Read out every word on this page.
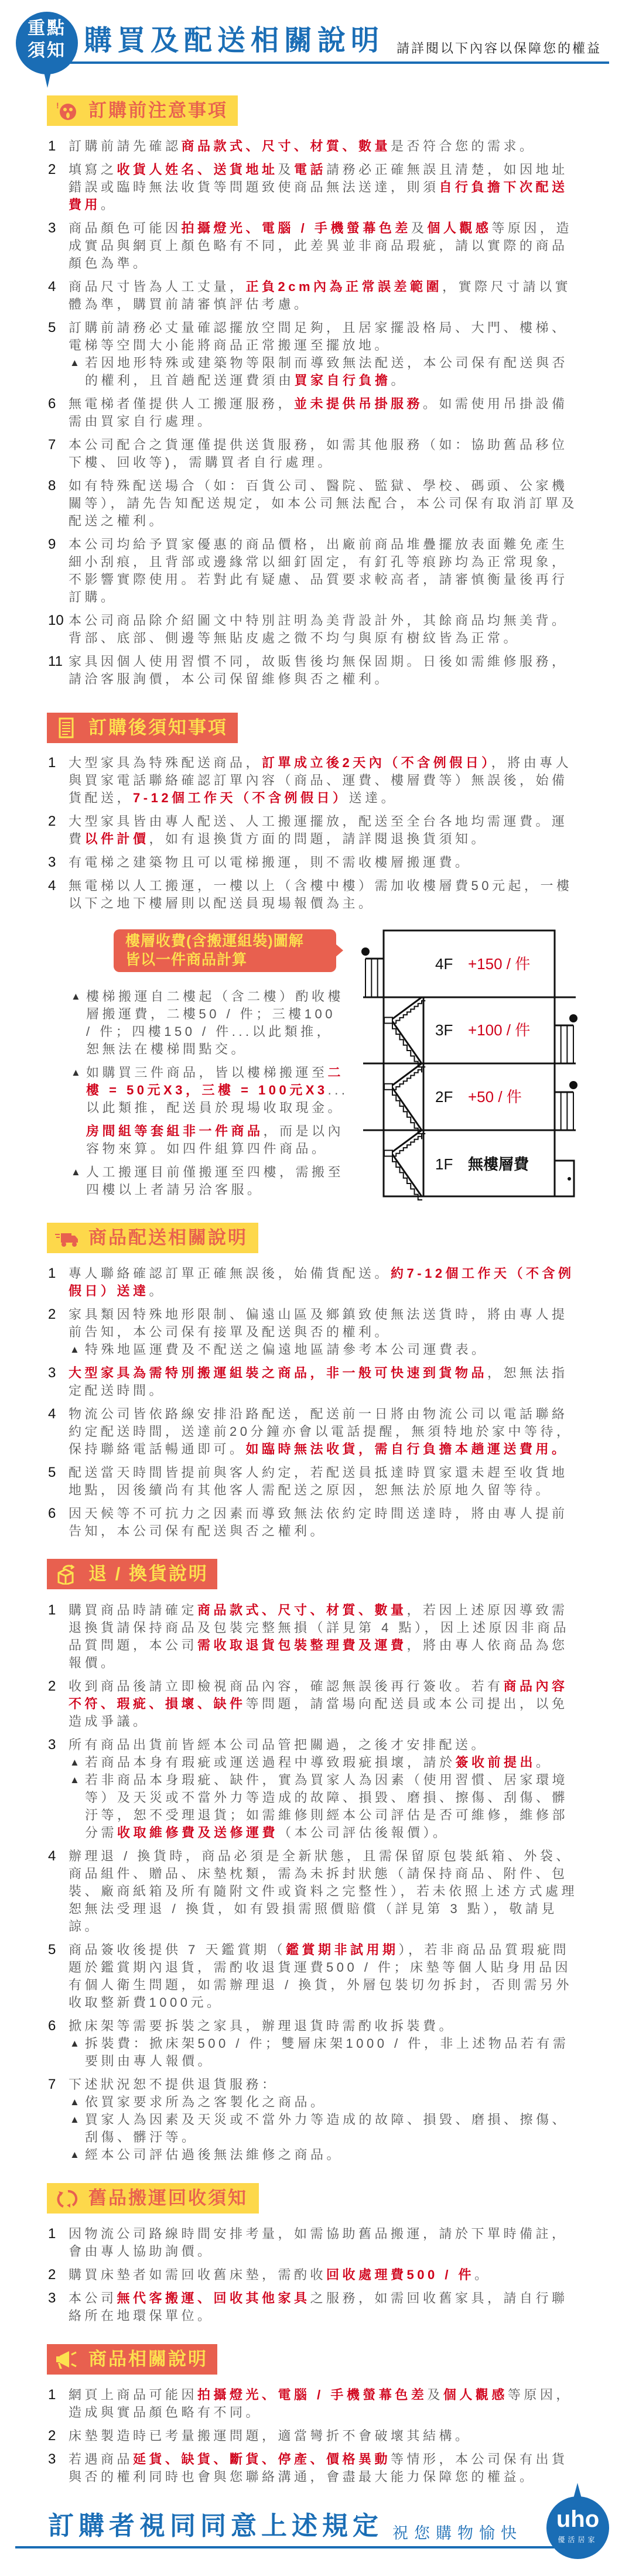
重點
須知 購買及配送相關說明 請詳閱以下內容以保障您的權益
樓層收費(含搬運組裝)圖解
皆以一件商品計算
▲ 樓梯搬運自二樓起（含二樓）酌收樓層搬運費，二樓50 / 件；三樓100 / 件；四樓150 / 件...以此類推，恕無法在樓梯間點交。
▲ 如購買三件商品，皆以樓梯搬運至二樓 = 50元X3，三樓 = 100元X3...以此類推，配送員於現場收取現金。
房間組等套組非一件商品，而是以內容物來算。如四件組算四件商品。
▲ 人工搬運目前僅搬運至四樓，需搬至四樓以上者請另洽客服。
4F +150 / 件
3F +100 / 件
2F +50 / 件
1F 無樓層費
訂購者視同同意上述規定 祝您購物愉快
uho
優活居家
! 訂購前注意事項
1 訂購前請先確認商品款式、尺寸、材質、數量是否符合您的需求。
2 填寫之收貨人姓名、送貨地址及電話請務必正確無誤且清楚，如因地址錯誤或臨時無法收貨等問題致使商品無法送達，則須自行負擔下次配送費用。
3 商品顏色可能因拍攝燈光、電腦 / 手機螢幕色差及個人觀感等原因，造成實品與網頁上顏色略有不同，此差異並非商品瑕疵，請以實際的商品顏色為準。
4 商品尺寸皆為人工丈量，正負2cm內為正常誤差範圍，實際尺寸請以實體為準，購買前請審慎評估考慮。
5 訂購前請務必丈量確認擺放空間足夠，且居家擺設格局、大門、樓梯、電梯等空間大小能將商品正常搬運至擺放地。
▲ 若因地形特殊或建築物等限制而導致無法配送，本公司保有配送與否的權利，且首趟配送運費須由買家自行負擔。
6 無電梯者僅提供人工搬運服務，並未提供吊掛服務。如需使用吊掛設備需由買家自行處理。
7 本公司配合之貨運僅提供送貨服務，如需其他服務（如：協助舊品移位下樓、回收等)，需購買者自行處理。
8 如有特殊配送場合（如：百貨公司、醫院、監獄、學校、碼頭、公家機關等），請先告知配送規定，如本公司無法配合，本公司保有取消訂單及配送之權利。
9 本公司均給予買家優惠的商品價格，出廠前商品堆疊擺放表面難免產生細小刮痕，且背部或邊緣常以細釘固定，有釘孔等痕跡均為正常現象，不影響實際使用。若對此有疑慮、品質要求較高者，請審慎衡量後再行訂購。
10 本公司商品除介紹圖文中特別註明為美背設計外，其餘商品均無美背。背部、底部、側邊等無貼皮處之微不均勻與原有樹紋皆為正常。
11 家具因個人使用習慣不同，故販售後均無保固期。日後如需維修服務，請洽客服詢價，本公司保留維修與否之權利。
訂購後須知事項
1 大型家具為特殊配送商品，訂單成立後2天內（不含例假日），將由專人與買家電話聯絡確認訂單內容（商品、運費、樓層費等）無誤後，始備貨配送，7-12個工作天（不含例假日）送達。
2 大型家具皆由專人配送、人工搬運擺放，配送至全台各地均需運費。運費以件計價，如有退換貨方面的問題，請詳閱退換貨須知。
3 有電梯之建築物且可以電梯搬運，則不需收樓層搬運費。
4 無電梯以人工搬運，一樓以上（含樓中樓）需加收樓層費50元起，一樓以下之地下樓層則以配送員現場報價為主。
商品配送相關說明
1 專人聯絡確認訂單正確無誤後，始備貨配送。約7-12個工作天（不含例假日）送達。
2 家具類因特殊地形限制、偏遠山區及鄉鎮致使無法送貨時，將由專人提前告知，本公司保有接單及配送與否的權利。
▲ 特殊地區運費及不配送之偏遠地區請參考本公司運費表。
3 大型家具為需特別搬運組裝之商品，非一般可快速到貨物品，恕無法指定配送時間。
4 物流公司皆依路線安排沿路配送，配送前一日將由物流公司以電話聯絡約定配送時間，送達前20分鐘亦會以電話提醒，無須特地於家中等待，保持聯絡電話暢通即可。如臨時無法收貨，需自行負擔本趟運送費用。
5 配送當天時間皆提前與客人約定，若配送員抵達時買家還未趕至收貨地地點，因後續尚有其他客人需配送之原因，恕無法於原地久留等待。
6 因天候等不可抗力之因素而導致無法依約定時間送達時，將由專人提前告知，本公司保有配送與否之權利。
退 / 換貨說明
1 購買商品時請確定商品款式、尺寸、材質、數量，若因上述原因導致需退換貨請保持商品及包裝完整無損（詳見第 4 點），因上述原因非商品品質問題，本公司需收取退貨包裝整理費及運費，將由專人依商品為您報價。
2 收到商品後請立即檢視商品內容，確認無誤後再行簽收。若有商品內容不符、瑕疵、損壞、缺件等問題，請當場向配送員或本公司提出，以免造成爭議。
3 所有商品出貨前皆經本公司品管把關過，之後才安排配送。
▲ 若商品本身有瑕疵或運送過程中導致瑕疵損壞，請於簽收前提出。
▲ 若非商品本身瑕疵、缺件，實為買家人為因素（使用習慣、居家環境等）及天災或不當外力等造成的故障、損毀、磨損、擦傷、刮傷、髒汙等，恕不受理退貨；如需維修則經本公司評估是否可維修，維修部分需收取維修費及送修運費（本公司評估後報價）。
4 辦理退 / 換貨時，商品必須是全新狀態，且需保留原包裝紙箱、外袋、商品組件、贈品、床墊枕類，需為未拆封狀態（請保持商品、附件、包裝、廠商紙箱及所有隨附文件或資料之完整性），若未依照上述方式處理恕無法受理退 / 換貨，如有毀損需照價賠償（詳見第 3 點），敬請見諒。
5 商品簽收後提供 7 天鑑賞期（鑑賞期非試用期），若非商品品質瑕疵問題於鑑賞期內退貨，需酌收退貨運費500 / 件；床墊等個人貼身用品因有個人衛生問題，如需辦理退 / 換貨，外層包裝切勿拆封，否則需另外收取整新費1000元。
6 掀床架等需要拆裝之家具，辦理退貨時需酌收拆裝費。
▲ 拆裝費：掀床架500 / 件；雙層床架1000 / 件，非上述物品若有需要則由專人報價。
7 下述狀況恕不提供退貨服務：
▲ 依買家要求所為之客製化之商品。
▲ 買家人為因素及天災或不當外力等造成的故障、損毀、磨損、擦傷、刮傷、髒汙等。
▲ 經本公司評估過後無法維修之商品。
舊品搬運回收須知
1 因物流公司路線時間安排考量，如需協助舊品搬運，請於下單時備註，會由專人協助詢價。
2 購買床墊者如需回收舊床墊，需酌收回收處理費500 / 件。
3 本公司無代客搬運、回收其他家具之服務，如需回收舊家具，請自行聯絡所在地環保單位。
商品相關說明
1 網頁上商品可能因拍攝燈光、電腦 / 手機螢幕色差及個人觀感等原因，造成與實品顏色略有不同。
2 床墊製造時已考量搬運問題，適當彎折不會破壞其結構。
3 若遇商品延貨、缺貨、斷貨、停產、價格異動等情形，本公司保有出貨與否的權利同時也會與您聯絡溝通，會盡最大能力保障您的權益。
